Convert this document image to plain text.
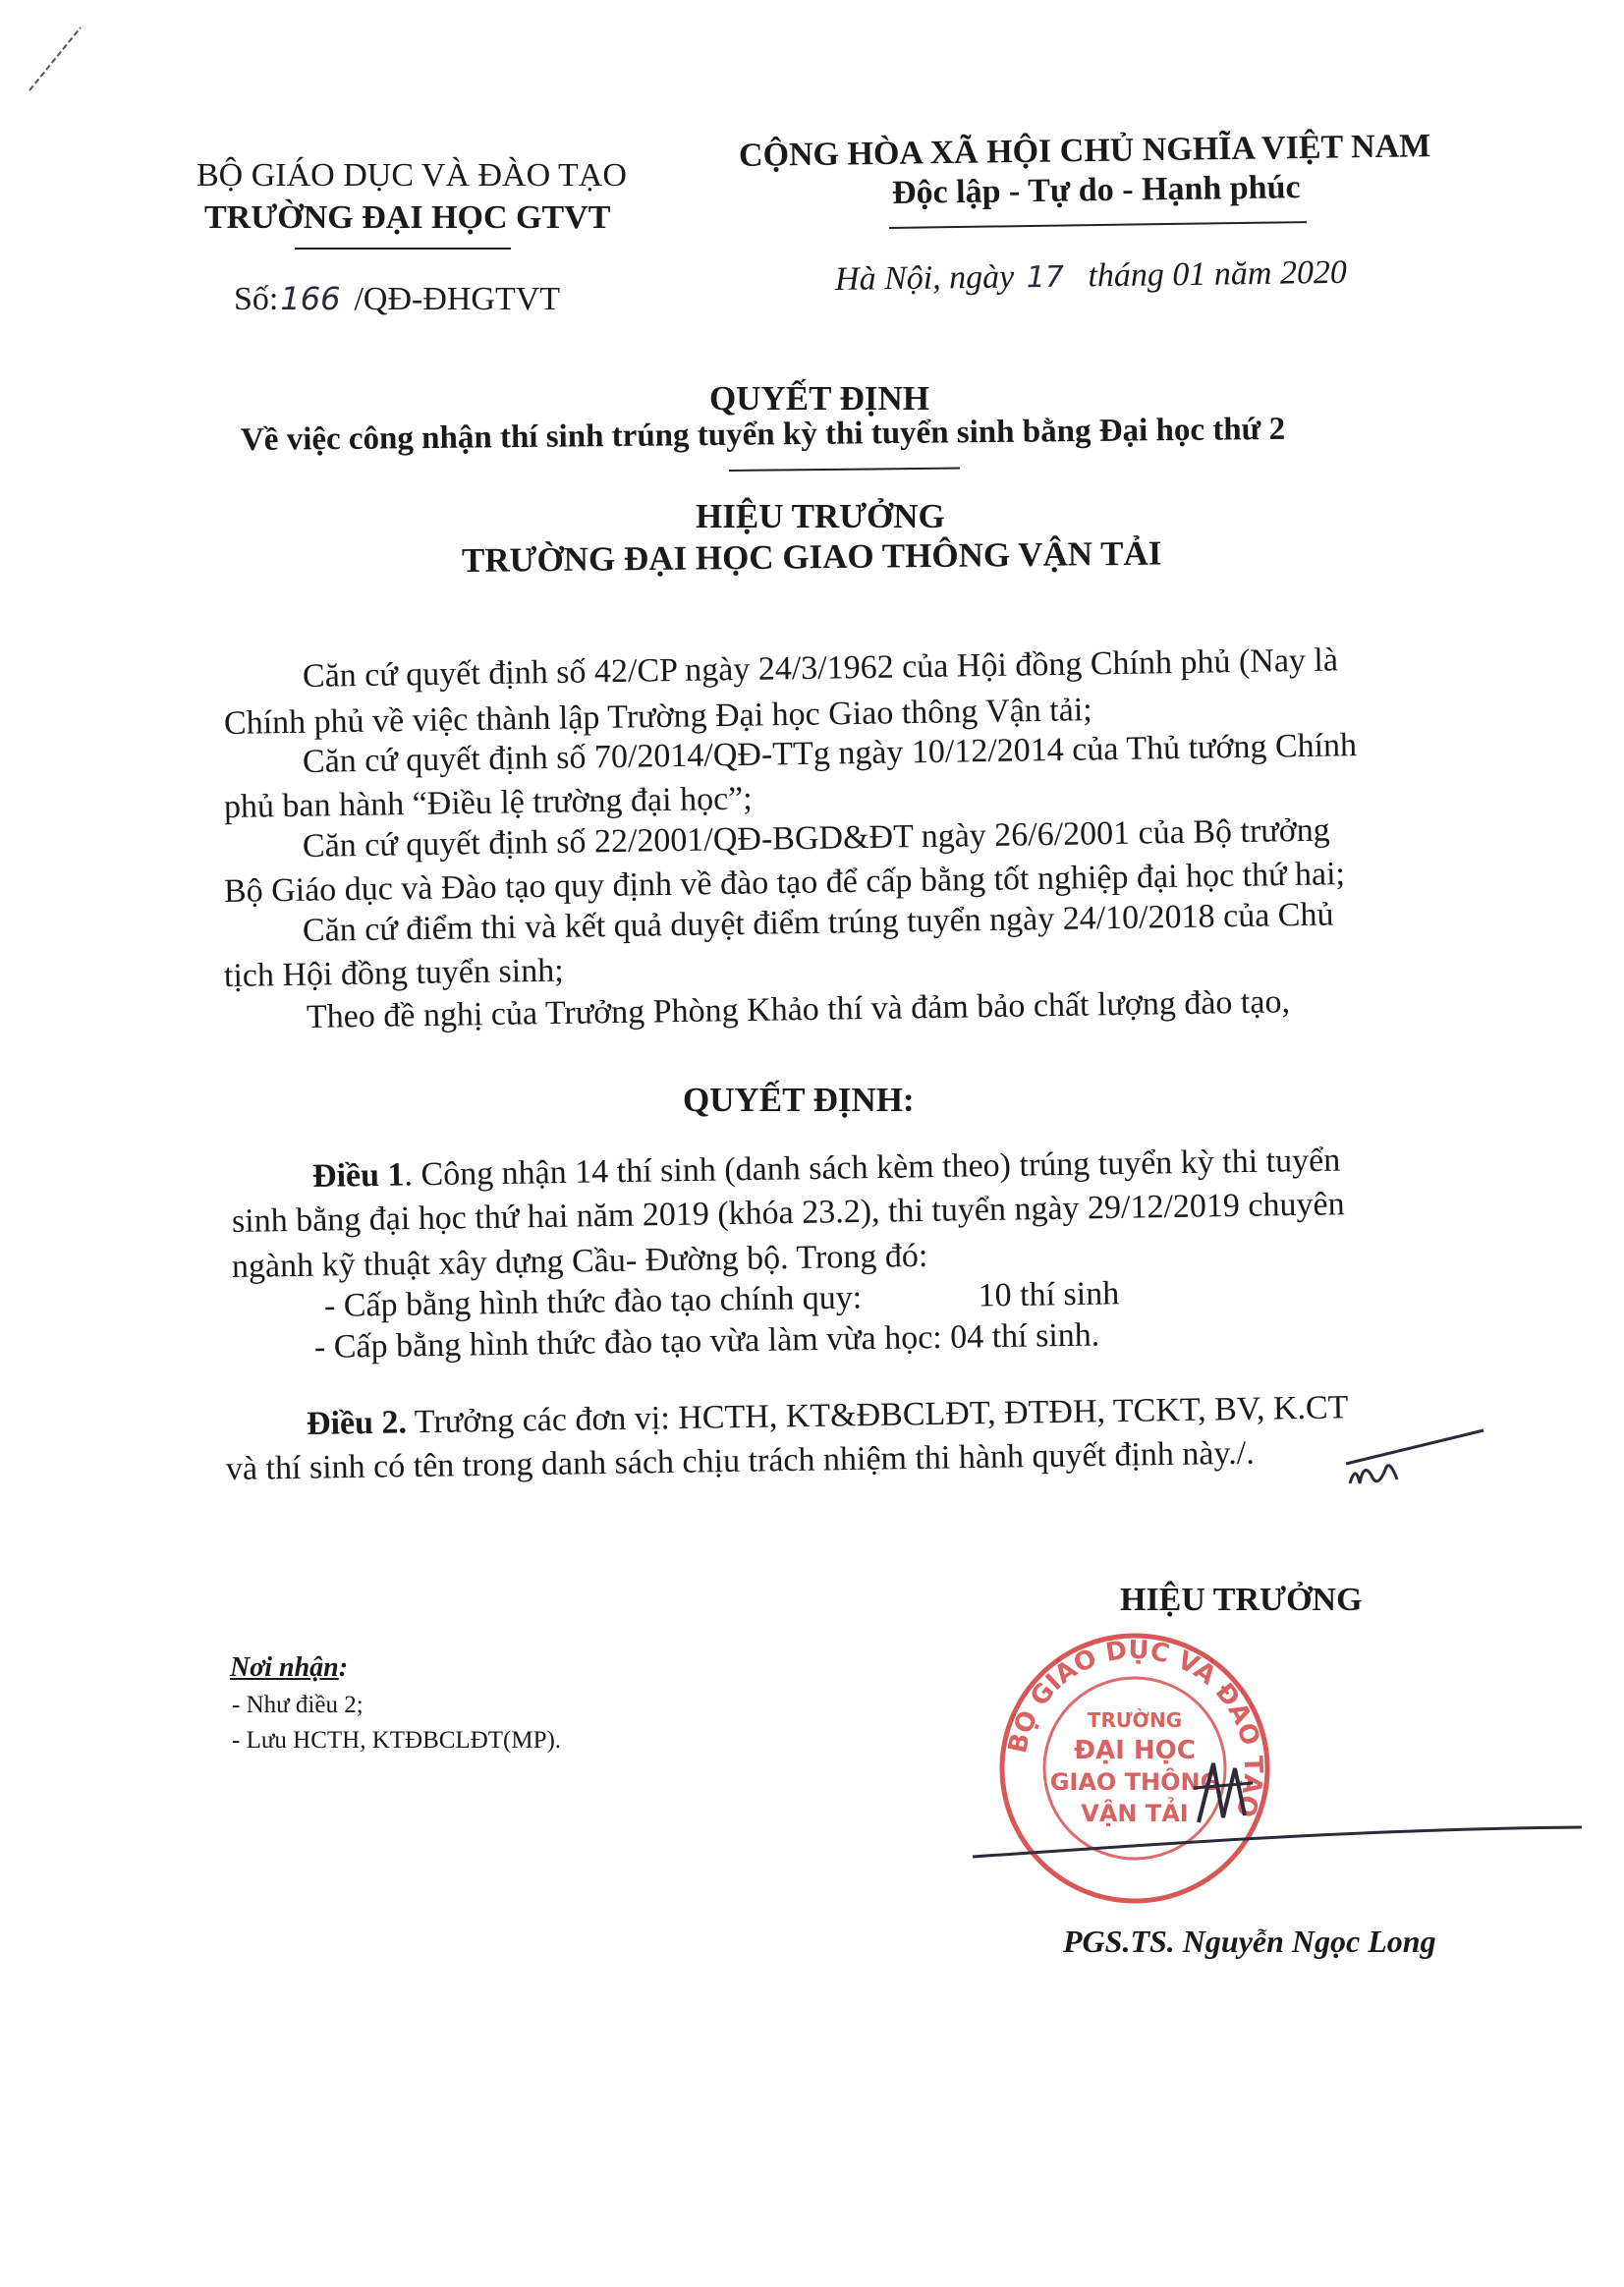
BỘ GIÁO DỤC VÀ ĐÀO TẠO
TRƯỜNG ĐẠI HỌC GTVT
Số:166 /QĐ-ĐHGTVT
CỘNG HÒA XÃ HỘI CHỦ NGHĨA VIỆT NAM
Độc lập - Tự do - Hạnh phúc
Hà Nội, ngày 17 tháng 01 năm 2020
QUYẾT ĐỊNH
Về việc công nhận thí sinh trúng tuyển kỳ thi tuyển sinh bằng Đại học thứ 2
HIỆU TRƯỞNG
TRƯỜNG ĐẠI HỌC GIAO THÔNG VẬN TẢI
Căn cứ quyết định số 42/CP ngày 24/3/1962 của Hội đồng Chính phủ (Nay là
Chính phủ về việc thành lập Trường Đại học Giao thông Vận tải;
Căn cứ quyết định số 70/2014/QĐ-TTg ngày 10/12/2014 của Thủ tướng Chính
phủ ban hành “Điều lệ trường đại học”;
Căn cứ quyết định số 22/2001/QĐ-BGD&ĐT ngày 26/6/2001 của Bộ trưởng
Bộ Giáo dục và Đào tạo quy định về đào tạo để cấp bằng tốt nghiệp đại học thứ hai;
Căn cứ điểm thi và kết quả duyệt điểm trúng tuyển ngày 24/10/2018 của Chủ
tịch Hội đồng tuyển sinh;
Theo đề nghị của Trưởng Phòng Khảo thí và đảm bảo chất lượng đào tạo,
QUYẾT ĐỊNH:
Điều 1. Công nhận 14 thí sinh (danh sách kèm theo) trúng tuyển kỳ thi tuyển
sinh bằng đại học thứ hai năm 2019 (khóa 23.2), thi tuyển ngày 29/12/2019 chuyên
ngành kỹ thuật xây dựng Cầu- Đường bộ. Trong đó:
- Cấp bằng hình thức đào tạo chính quy:	10 thí sinh
- Cấp bằng hình thức đào tạo vừa làm vừa học: 04 thí sinh.
Điều 2. Trưởng các đơn vị: HCTH, KT&ĐBCLĐT, ĐTĐH, TCKT, BV, K.CT
và thí sinh có tên trong danh sách chịu trách nhiệm thi hành quyết định này./.
HIỆU TRƯỞNG
BỘ GIÁO DỤC VÀ ĐÀO TẠO
TRƯỜNG
ĐẠI HỌC
GIAO THÔNG
VẬN TẢI
PGS.TS. Nguyễn Ngọc Long
Nơi nhận:
- Như điều 2;
- Lưu HCTH, KTĐBCLĐT(MP).
